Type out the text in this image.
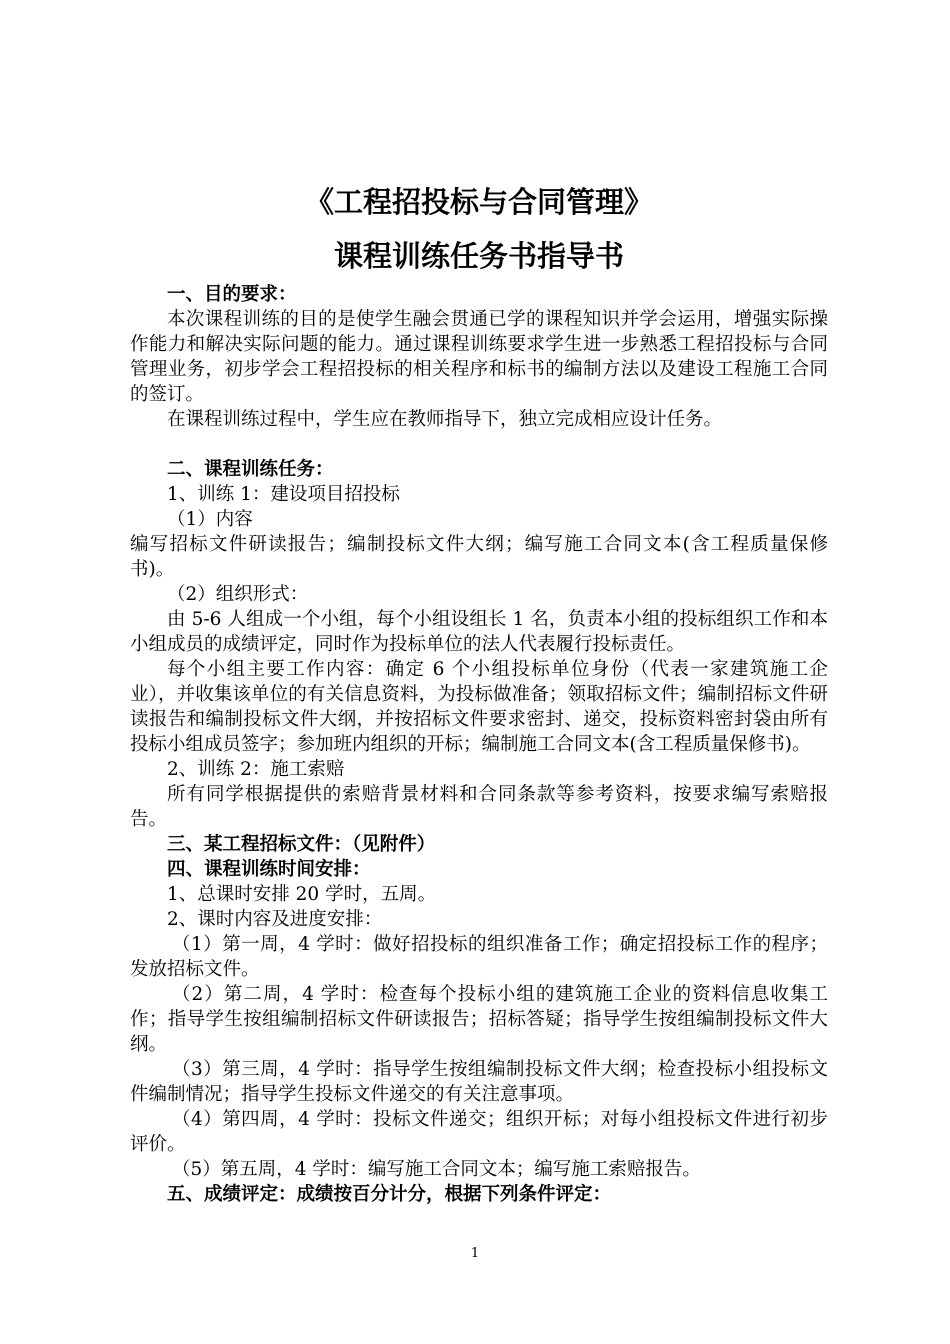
《工程招投标与合同管理》
课程训练任务书指导书

一、目的要求：

本次课程训练的目的是使学生融会贯通已学的课程知识并学会运用，增强实际操作能力和解决实际问题的能力。通过课程训练要求学生进一步熟悉工程招投标与合同管理业务，初步学会工程招投标的相关程序和标书的编制方法以及建设工程施工合同的签订。

在课程训练过程中，学生应在教师指导下，独立完成相应设计任务。

二、课程训练任务：

1、训练 1：建设项目招投标

（1）内容

编写招标文件研读报告；编制投标文件大纲；编写施工合同文本(含工程质量保修书)。

（2）组织形式：

由 5-6 人组成一个小组，每个小组设组长 1 名，负责本小组的投标组织工作和本小组成员的成绩评定，同时作为投标单位的法人代表履行投标责任。

每个小组主要工作内容：确定 6 个小组投标单位身份（代表一家建筑施工企业），并收集该单位的有关信息资料，为投标做准备；领取招标文件；编制招标文件研读报告和编制投标文件大纲，并按招标文件要求密封、递交，投标资料密封袋由所有投标小组成员签字；参加班内组织的开标；编制施工合同文本(含工程质量保修书)。

2、训练 2：施工索赔

所有同学根据提供的索赔背景材料和合同条款等参考资料，按要求编写索赔报告。

三、某工程招标文件：（见附件）

四、课程训练时间安排：

1、总课时安排 20 学时，五周。

2、课时内容及进度安排：

（1）第一周，4 学时：做好招投标的组织准备工作；确定招投标工作的程序；发放招标文件。

（2）第二周，4 学时：检查每个投标小组的建筑施工企业的资料信息收集工作；指导学生按组编制招标文件研读报告；招标答疑；指导学生按组编制投标文件大纲。

（3）第三周，4 学时：指导学生按组编制投标文件大纲；检查投标小组投标文件编制情况；指导学生投标文件递交的有关注意事项。

（4）第四周，4 学时：投标文件递交；组织开标；对每小组投标文件进行初步评价。

（5）第五周，4 学时：编写施工合同文本；编写施工索赔报告。

五、成绩评定：成绩按百分计分，根据下列条件评定：

1
